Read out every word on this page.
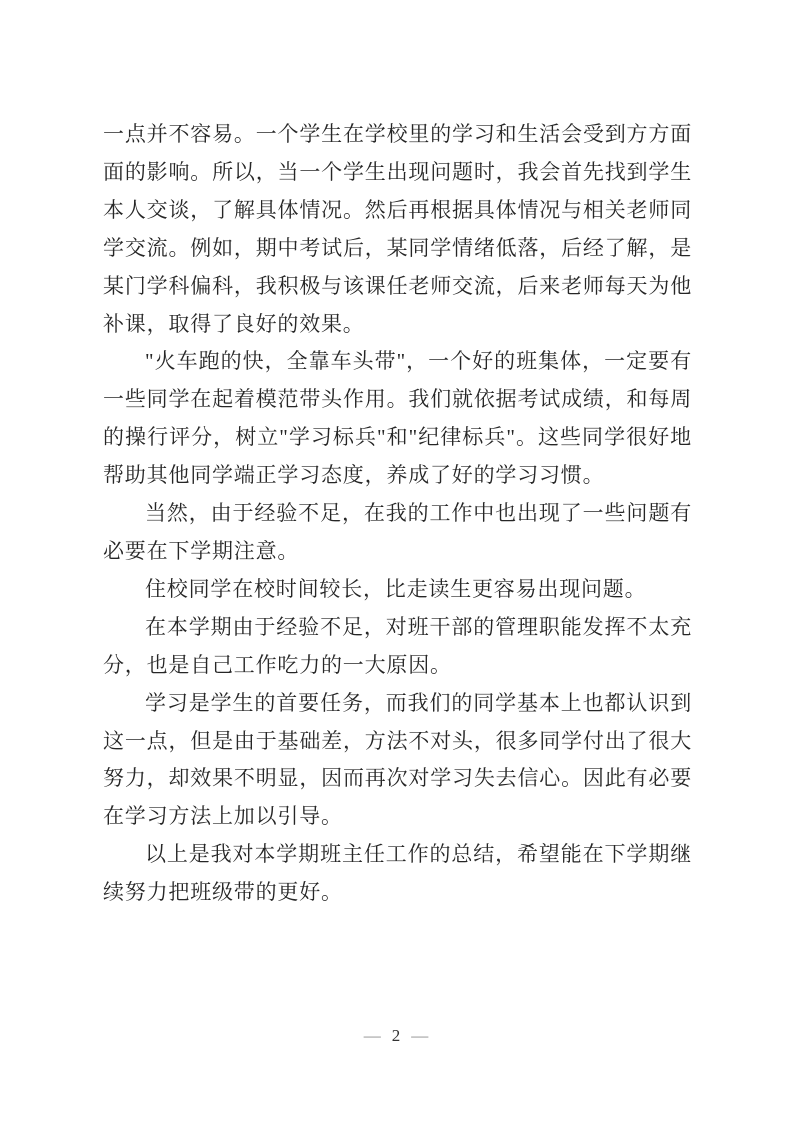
一点并不容易。一个学生在学校里的学习和生活会受到方方面面的影响。所以，当一个学生出现问题时，我会首先找到学生本人交谈，了解具体情况。然后再根据具体情况与相关老师同学交流。例如，期中考试后，某同学情绪低落，后经了解，是某门学科偏科，我积极与该课任老师交流，后来老师每天为他补课，取得了良好的效果。

"火车跑的快，全靠车头带"，一个好的班集体，一定要有一些同学在起着模范带头作用。我们就依据考试成绩，和每周的操行评分，树立"学习标兵"和"纪律标兵"。这些同学很好地帮助其他同学端正学习态度，养成了好的学习习惯。

当然，由于经验不足，在我的工作中也出现了一些问题有必要在下学期注意。

住校同学在校时间较长，比走读生更容易出现问题。

在本学期由于经验不足，对班干部的管理职能发挥不太充分，也是自己工作吃力的一大原因。

学习是学生的首要任务，而我们的同学基本上也都认识到这一点，但是由于基础差，方法不对头，很多同学付出了很大努力，却效果不明显，因而再次对学习失去信心。因此有必要在学习方法上加以引导。

以上是我对本学期班主任工作的总结，希望能在下学期继续努力把班级带的更好。

— 2 —
